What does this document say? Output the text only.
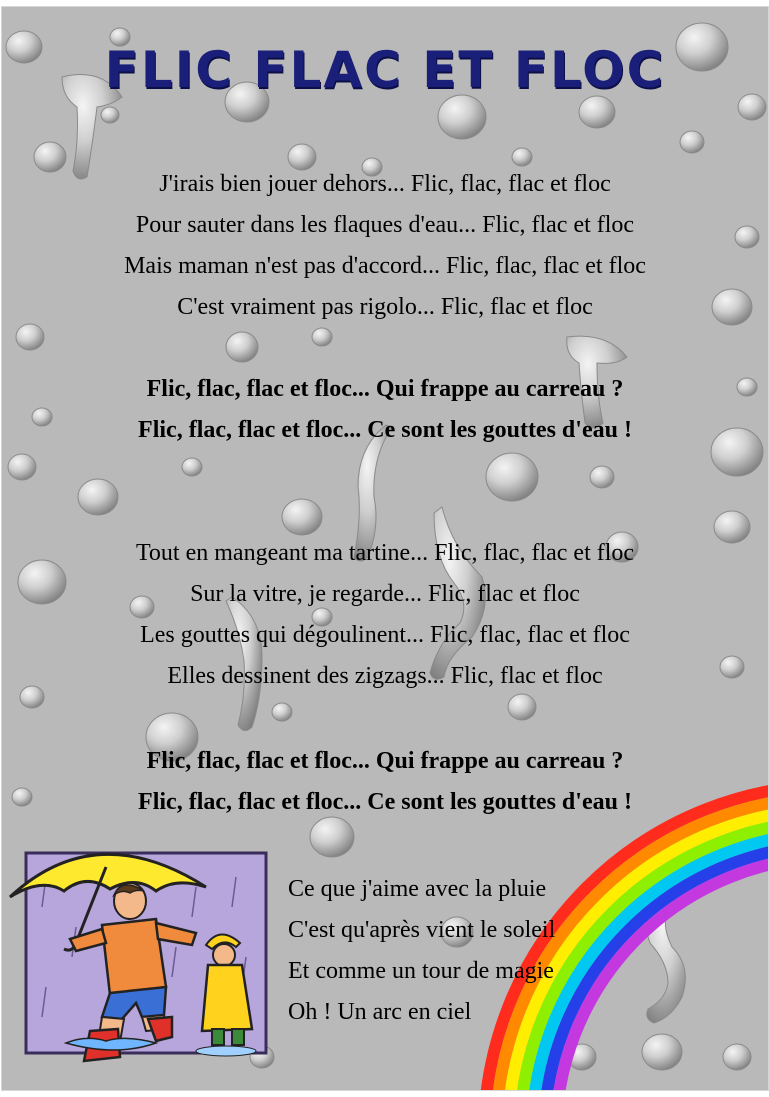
FLIC FLAC ET FLOC

J'irais bien jouer dehors... Flic, flac, flac et floc

Pour sauter dans les flaques d'eau... Flic, flac et floc

Mais maman n'est pas d'accord... Flic, flac, flac et floc

C'est vraiment pas rigolo... Flic, flac et floc

Flic, flac, flac et floc... Qui frappe au carreau ?

Flic, flac, flac et floc... Ce sont les gouttes d'eau !

Tout en mangeant ma tartine... Flic, flac, flac et floc

Sur la vitre, je regarde... Flic, flac et floc

Les gouttes qui dégoulinent... Flic, flac, flac et floc

Elles dessinent des zigzags... Flic, flac et floc

Flic, flac, flac et floc... Qui frappe au carreau ?

Flic, flac, flac et floc... Ce sont les gouttes d'eau !

Ce que j'aime avec la pluie

C'est qu'après vient le soleil

Et comme un tour de magie

Oh ! Un arc en ciel
